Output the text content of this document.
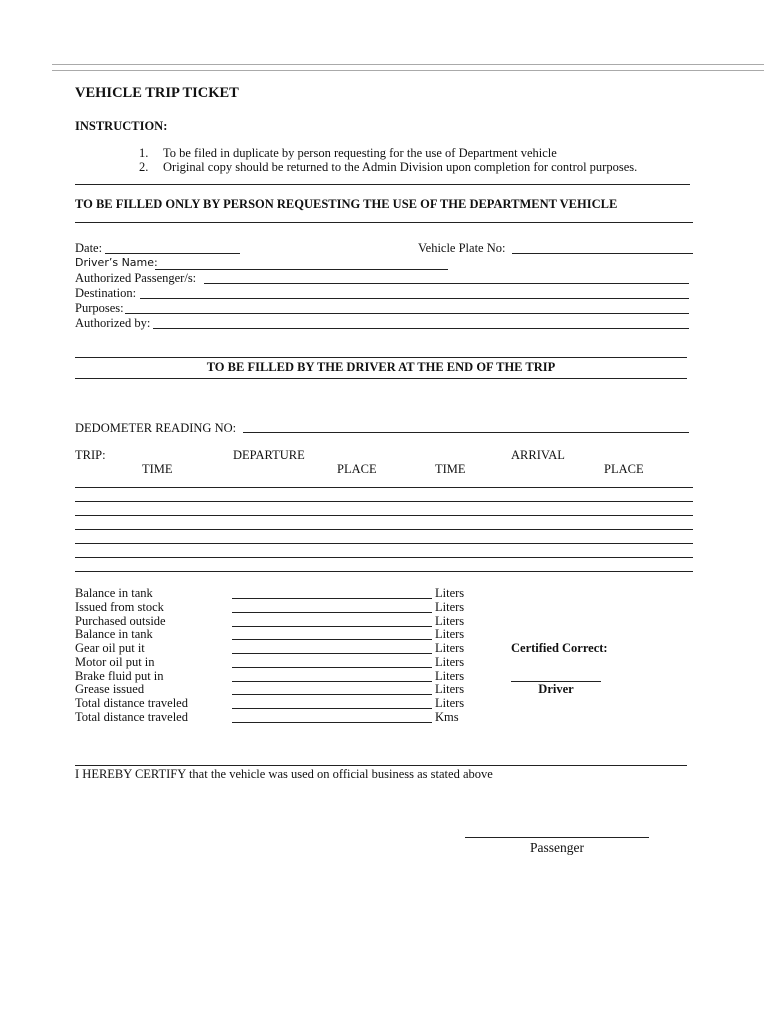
VEHICLE TRIP TICKET
INSTRUCTION:
1. To be filed in duplicate by person requesting for the use of Department vehicle
2. Original copy should be returned to the Admin Division upon completion for control purposes.
TO BE FILLED ONLY BY PERSON REQUESTING THE USE OF THE DEPARTMENT VEHICLE
Date:	Vehicle Plate No:
Driver’s Name:
Authorized Passenger/s:
Destination:
Purposes:
Authorized by:
TO BE FILLED BY THE DRIVER AT THE END OF THE TRIP
DEDOMETER READING NO:
TRIP:	DEPARTURE	ARRIVAL
TIME	PLACE	TIME	PLACE
Balance in tank	Liters
Issued from stock	Liters
Purchased outside	Liters
Balance in tank	Liters
Gear oil put it	Liters
Motor oil put in	Liters
Brake fluid put in	Liters
Grease issued	Liters
Total distance traveled	Liters
Total distance traveled	Kms
Certified Correct:
Driver
I HEREBY CERTIFY that the vehicle was used on official business as stated above
Passenger
